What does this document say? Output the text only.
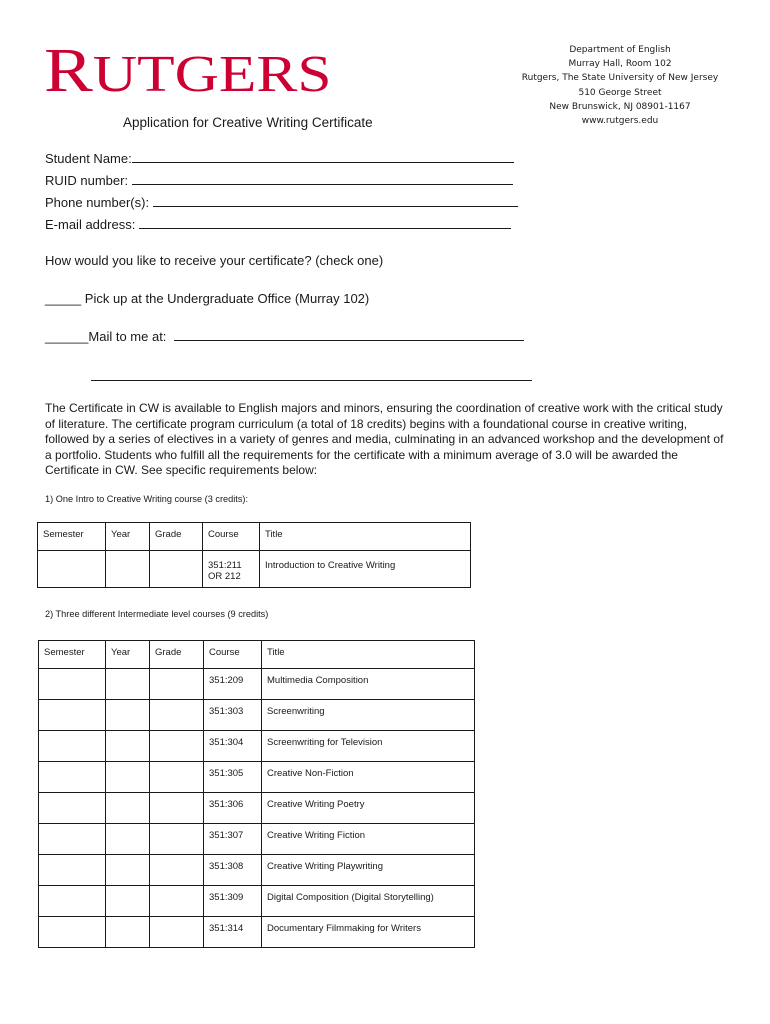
RUTGERS
Application for Creative Writing Certificate
Department of English
Murray Hall, Room 102
Rutgers, The State University of New Jersey
510 George Street
New Brunswick, NJ 08901-1167
www.rutgers.edu
Student Name:
RUID number:
Phone number(s):
E-mail address:
How would you like to receive your certificate? (check one)
_____ Pick up at the Undergraduate Office (Murray 102)
______Mail to me at:
The Certificate in CW is available to English majors and minors, ensuring the coordination of creative work with the critical study of literature. The certificate program curriculum (a total of 18 credits) begins with a foundational course in creative writing, followed by a series of electives in a variety of genres and media, culminating in an advanced workshop and the development of a portfolio. Students who fulfill all the requirements for the certificate with a minimum average of 3.0 will be awarded the Certificate in CW. See specific requirements below:
1) One Intro to Creative Writing course (3 credits):
Semester	Year	Grade	Course	Title
			351:211 OR 212	Introduction to Creative Writing
2) Three different Intermediate level courses (9 credits)
Semester	Year	Grade	Course	Title
			351:209	Multimedia Composition
			351:303	Screenwriting
			351:304	Screenwriting for Television
			351:305	Creative Non-Fiction
			351:306	Creative Writing Poetry
			351:307	Creative Writing Fiction
			351:308	Creative Writing Playwriting
			351:309	Digital Composition (Digital Storytelling)
			351:314	Documentary Filmmaking for Writers
